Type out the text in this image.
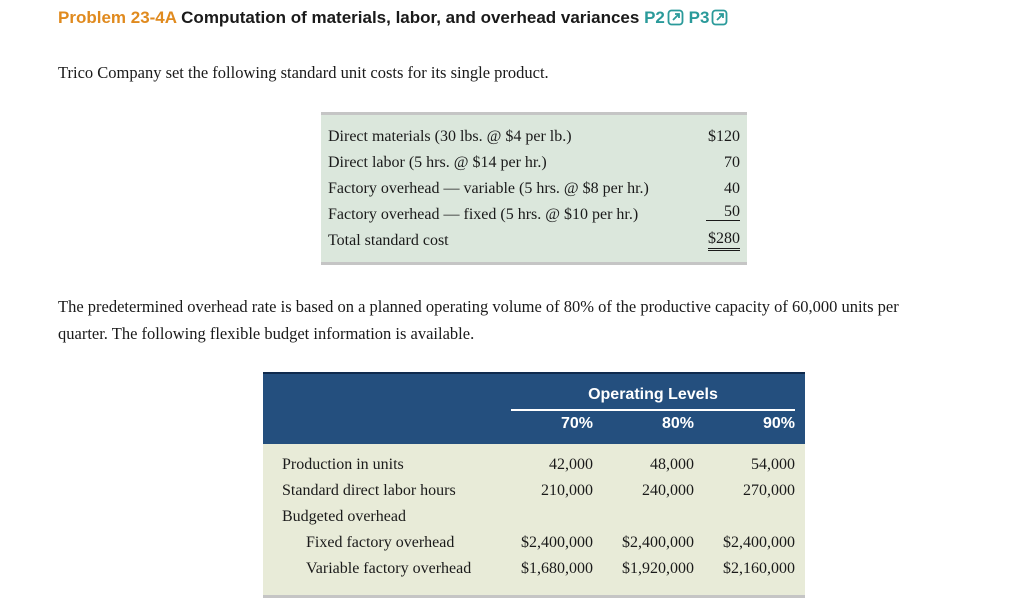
Problem 23-4A Computation of materials, labor, and overhead variances P2 P3
Trico Company set the following standard unit costs for its single product.
Direct materials (30 lbs. @ $4 per lb.)	$120
Direct labor (5 hrs. @ $14 per hr.)	70
Factory overhead — variable (5 hrs. @ $8 per hr.)	40
Factory overhead — fixed (5 hrs. @ $10 per hr.)	50
Total standard cost	$280
The predetermined overhead rate is based on a planned operating volume of 80% of the productive capacity of 60,000 units per
quarter. The following flexible budget information is available.
Operating Levels
70%	80%	90%
Production in units	42,000	48,000	54,000
Standard direct labor hours	210,000	240,000	270,000
Budgeted overhead
Fixed factory overhead	$2,400,000	$2,400,000	$2,400,000
Variable factory overhead	$1,680,000	$1,920,000	$2,160,000
